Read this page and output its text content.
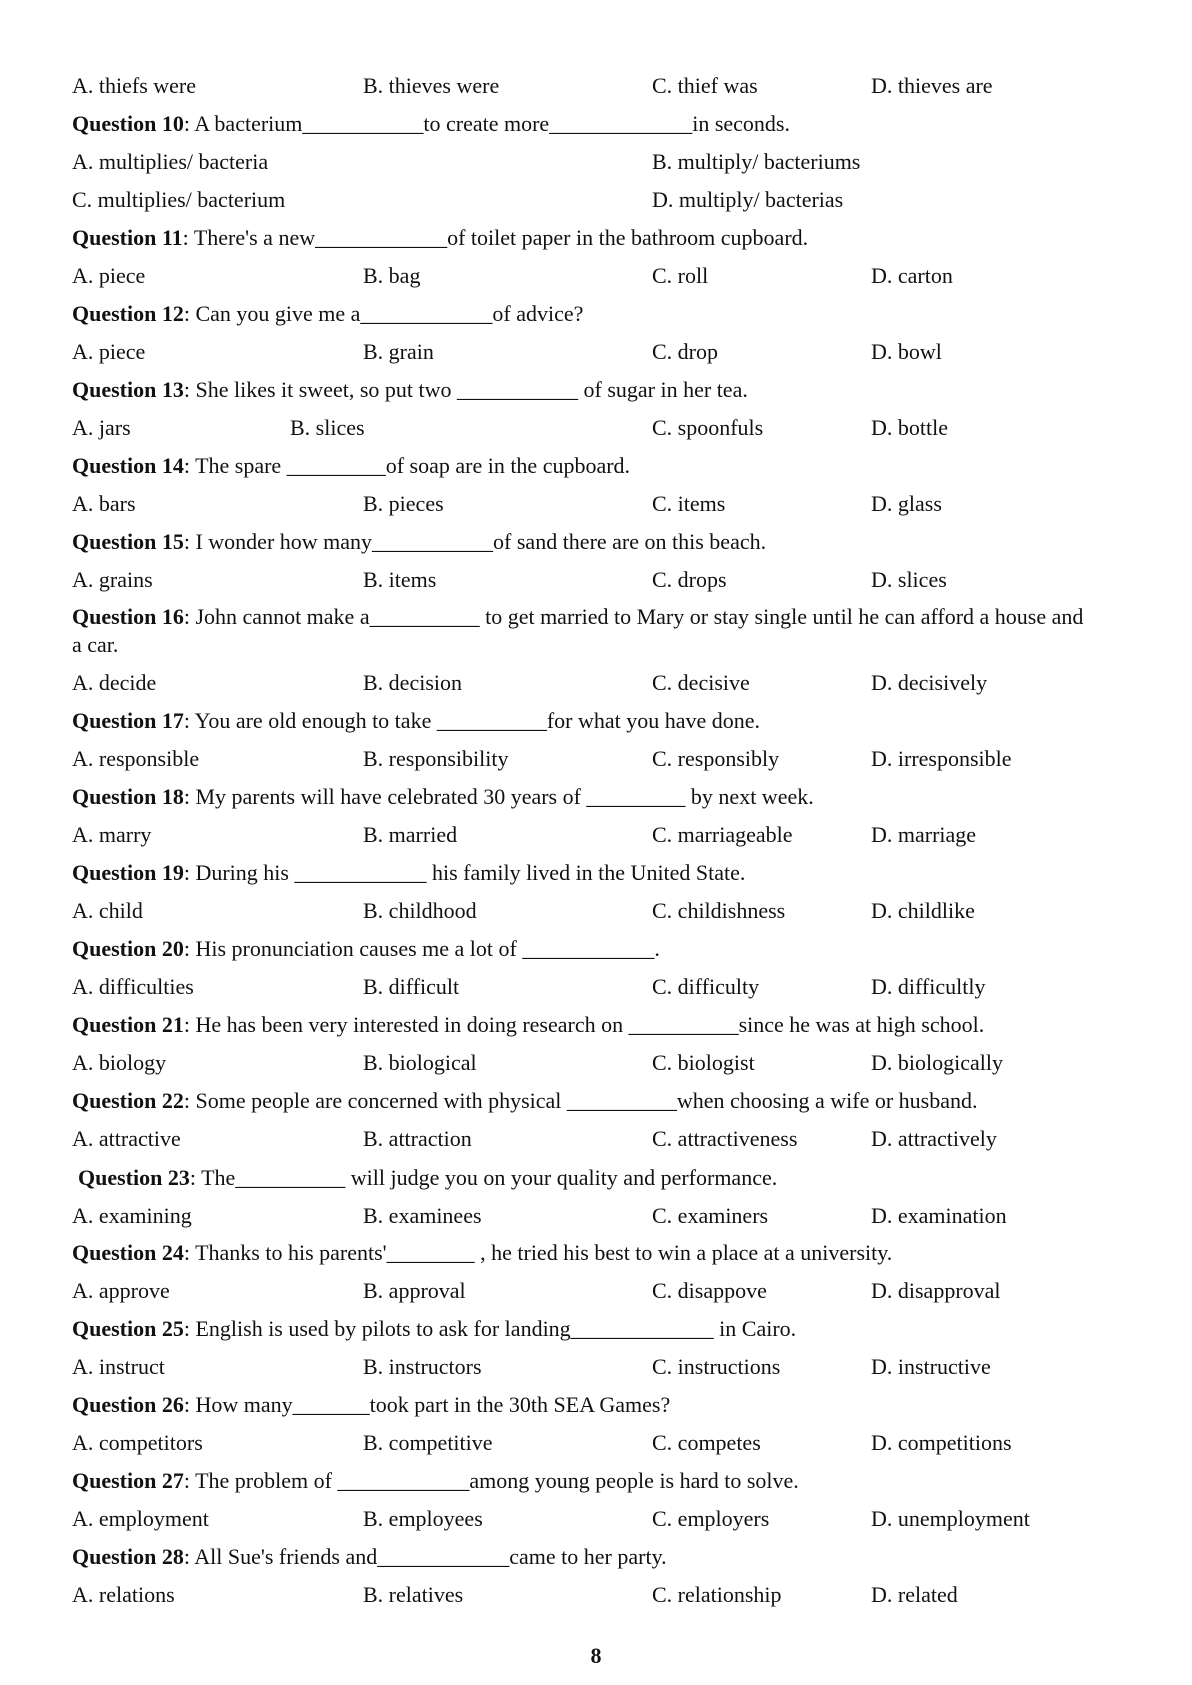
A. thiefs were	B. thieves were	C. thief was	D. thieves are
Question 10: A bacterium___________to create more_____________in seconds.
A. multiplies/ bacteria	B. multiply/ bacteriums
C. multiplies/ bacterium	D. multiply/ bacterias
Question 11: There's a new____________of toilet paper in the bathroom cupboard.
A. piece	B. bag	C. roll	D. carton
Question 12: Can you give me a____________of advice?
A. piece	B. grain	C. drop	D. bowl
Question 13: She likes it sweet, so put two ___________ of sugar in her tea.
A. jars	B. slices	C. spoonfuls	D. bottle
Question 14: The spare _________of soap are in the cupboard.
A. bars	B. pieces	C. items	D. glass
Question 15: I wonder how many___________of sand there are on this beach.
A. grains	B. items	C. drops	D. slices
Question 16: John cannot make a__________ to get married to Mary or stay single until he can afford a house and a car.
A. decide	B. decision	C. decisive	D. decisively
Question 17: You are old enough to take __________for what you have done.
A. responsible	B. responsibility	C. responsibly	D. irresponsible
Question 18: My parents will have celebrated 30 years of _________ by next week.
A. marry	B. married	C. marriageable	D. marriage
Question 19: During his ____________ his family lived in the United State.
A. child	B. childhood	C. childishness	D. childlike
Question 20: His pronunciation causes me a lot of ____________.
A. difficulties	B. difficult	C. difficulty	D. difficultly
Question 21: He has been very interested in doing research on __________since he was at high school.
A. biology	B. biological	C. biologist	D. biologically
Question 22: Some people are concerned with physical __________when choosing a wife or husband.
A. attractive	B. attraction	C. attractiveness	D. attractively
Question 23: The__________ will judge you on your quality and performance.
A. examining	B. examinees	C. examiners	D. examination
Question 24: Thanks to his parents'________ , he tried his best to win a place at a university.
A. approve	B. approval	C. disappove	D. disapproval
Question 25: English is used by pilots to ask for landing_____________ in Cairo.
A. instruct	B. instructors	C. instructions	D. instructive
Question 26: How many_______took part in the 30th SEA Games?
A. competitors	B. competitive	C. competes	D. competitions
Question 27: The problem of ____________among young people is hard to solve.
A. employment	B. employees	C. employers	D. unemployment
Question 28: All Sue's friends and____________came to her party.
A. relations	B. relatives	C. relationship	D. related
8
